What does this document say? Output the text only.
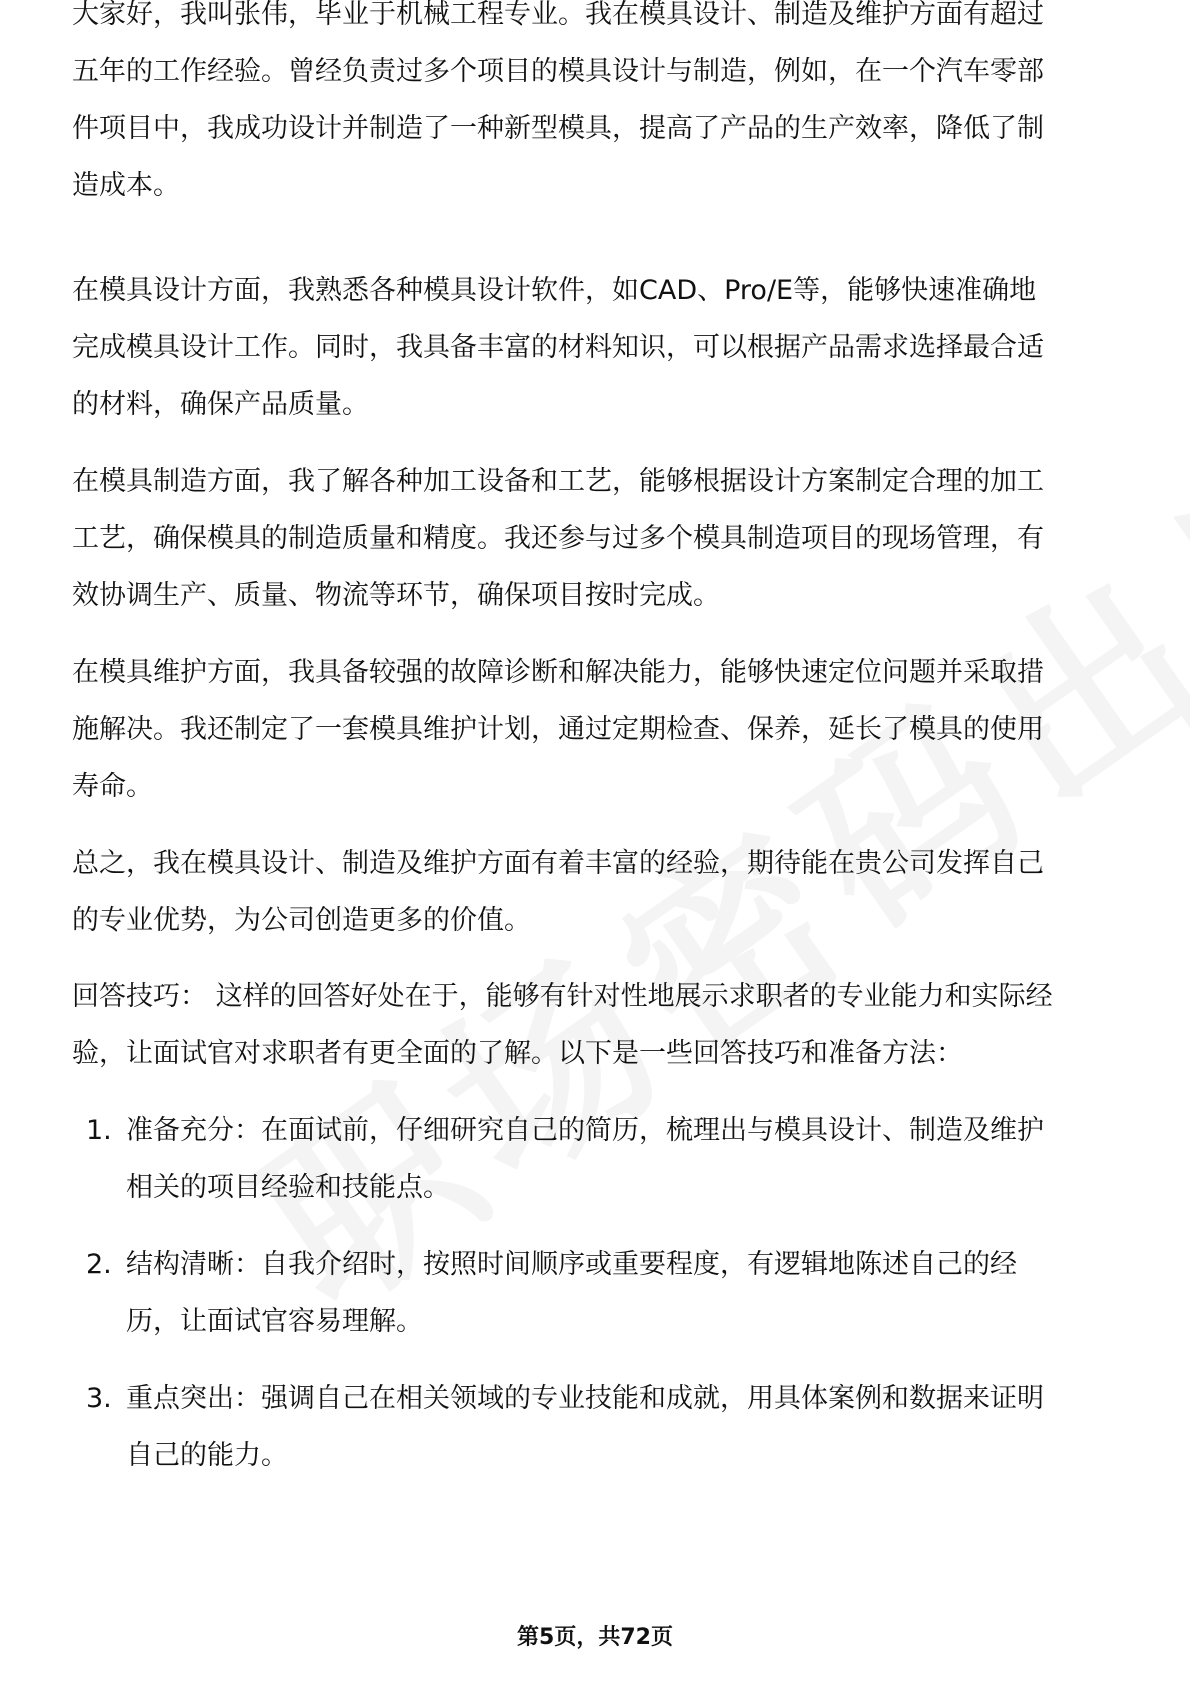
大家好，我叫张伟，毕业于机械工程专业。我在模具设计、制造及维护方面有超过
五年的工作经验。曾经负责过多个项目的模具设计与制造，例如，在一个汽车零部
件项目中，我成功设计并制造了一种新型模具，提高了产品的生产效率，降低了制
造成本。
在模具设计方面，我熟悉各种模具设计软件，如CAD、Pro/E等，能够快速准确地
完成模具设计工作。同时，我具备丰富的材料知识，可以根据产品需求选择最合适
的材料，确保产品质量。
在模具制造方面，我了解各种加工设备和工艺，能够根据设计方案制定合理的加工
工艺，确保模具的制造质量和精度。我还参与过多个模具制造项目的现场管理，有
效协调生产、质量、物流等环节，确保项目按时完成。
在模具维护方面，我具备较强的故障诊断和解决能力，能够快速定位问题并采取措
施解决。我还制定了一套模具维护计划，通过定期检查、保养，延长了模具的使用
寿命。
总之，我在模具设计、制造及维护方面有着丰富的经验，期待能在贵公司发挥自己
的专业优势，为公司创造更多的价值。
回答技巧： 这样的回答好处在于，能够有针对性地展示求职者的专业能力和实际经
验，让面试官对求职者有更全面的了解。以下是一些回答技巧和准备方法：
1. 准备充分：在面试前，仔细研究自己的简历，梳理出与模具设计、制造及维护
相关的项目经验和技能点。
2. 结构清晰：自我介绍时，按照时间顺序或重要程度，有逻辑地陈述自己的经
历，让面试官容易理解。
3. 重点突出：强调自己在相关领域的专业技能和成就，用具体案例和数据来证明
自己的能力。
第5页，共72页
